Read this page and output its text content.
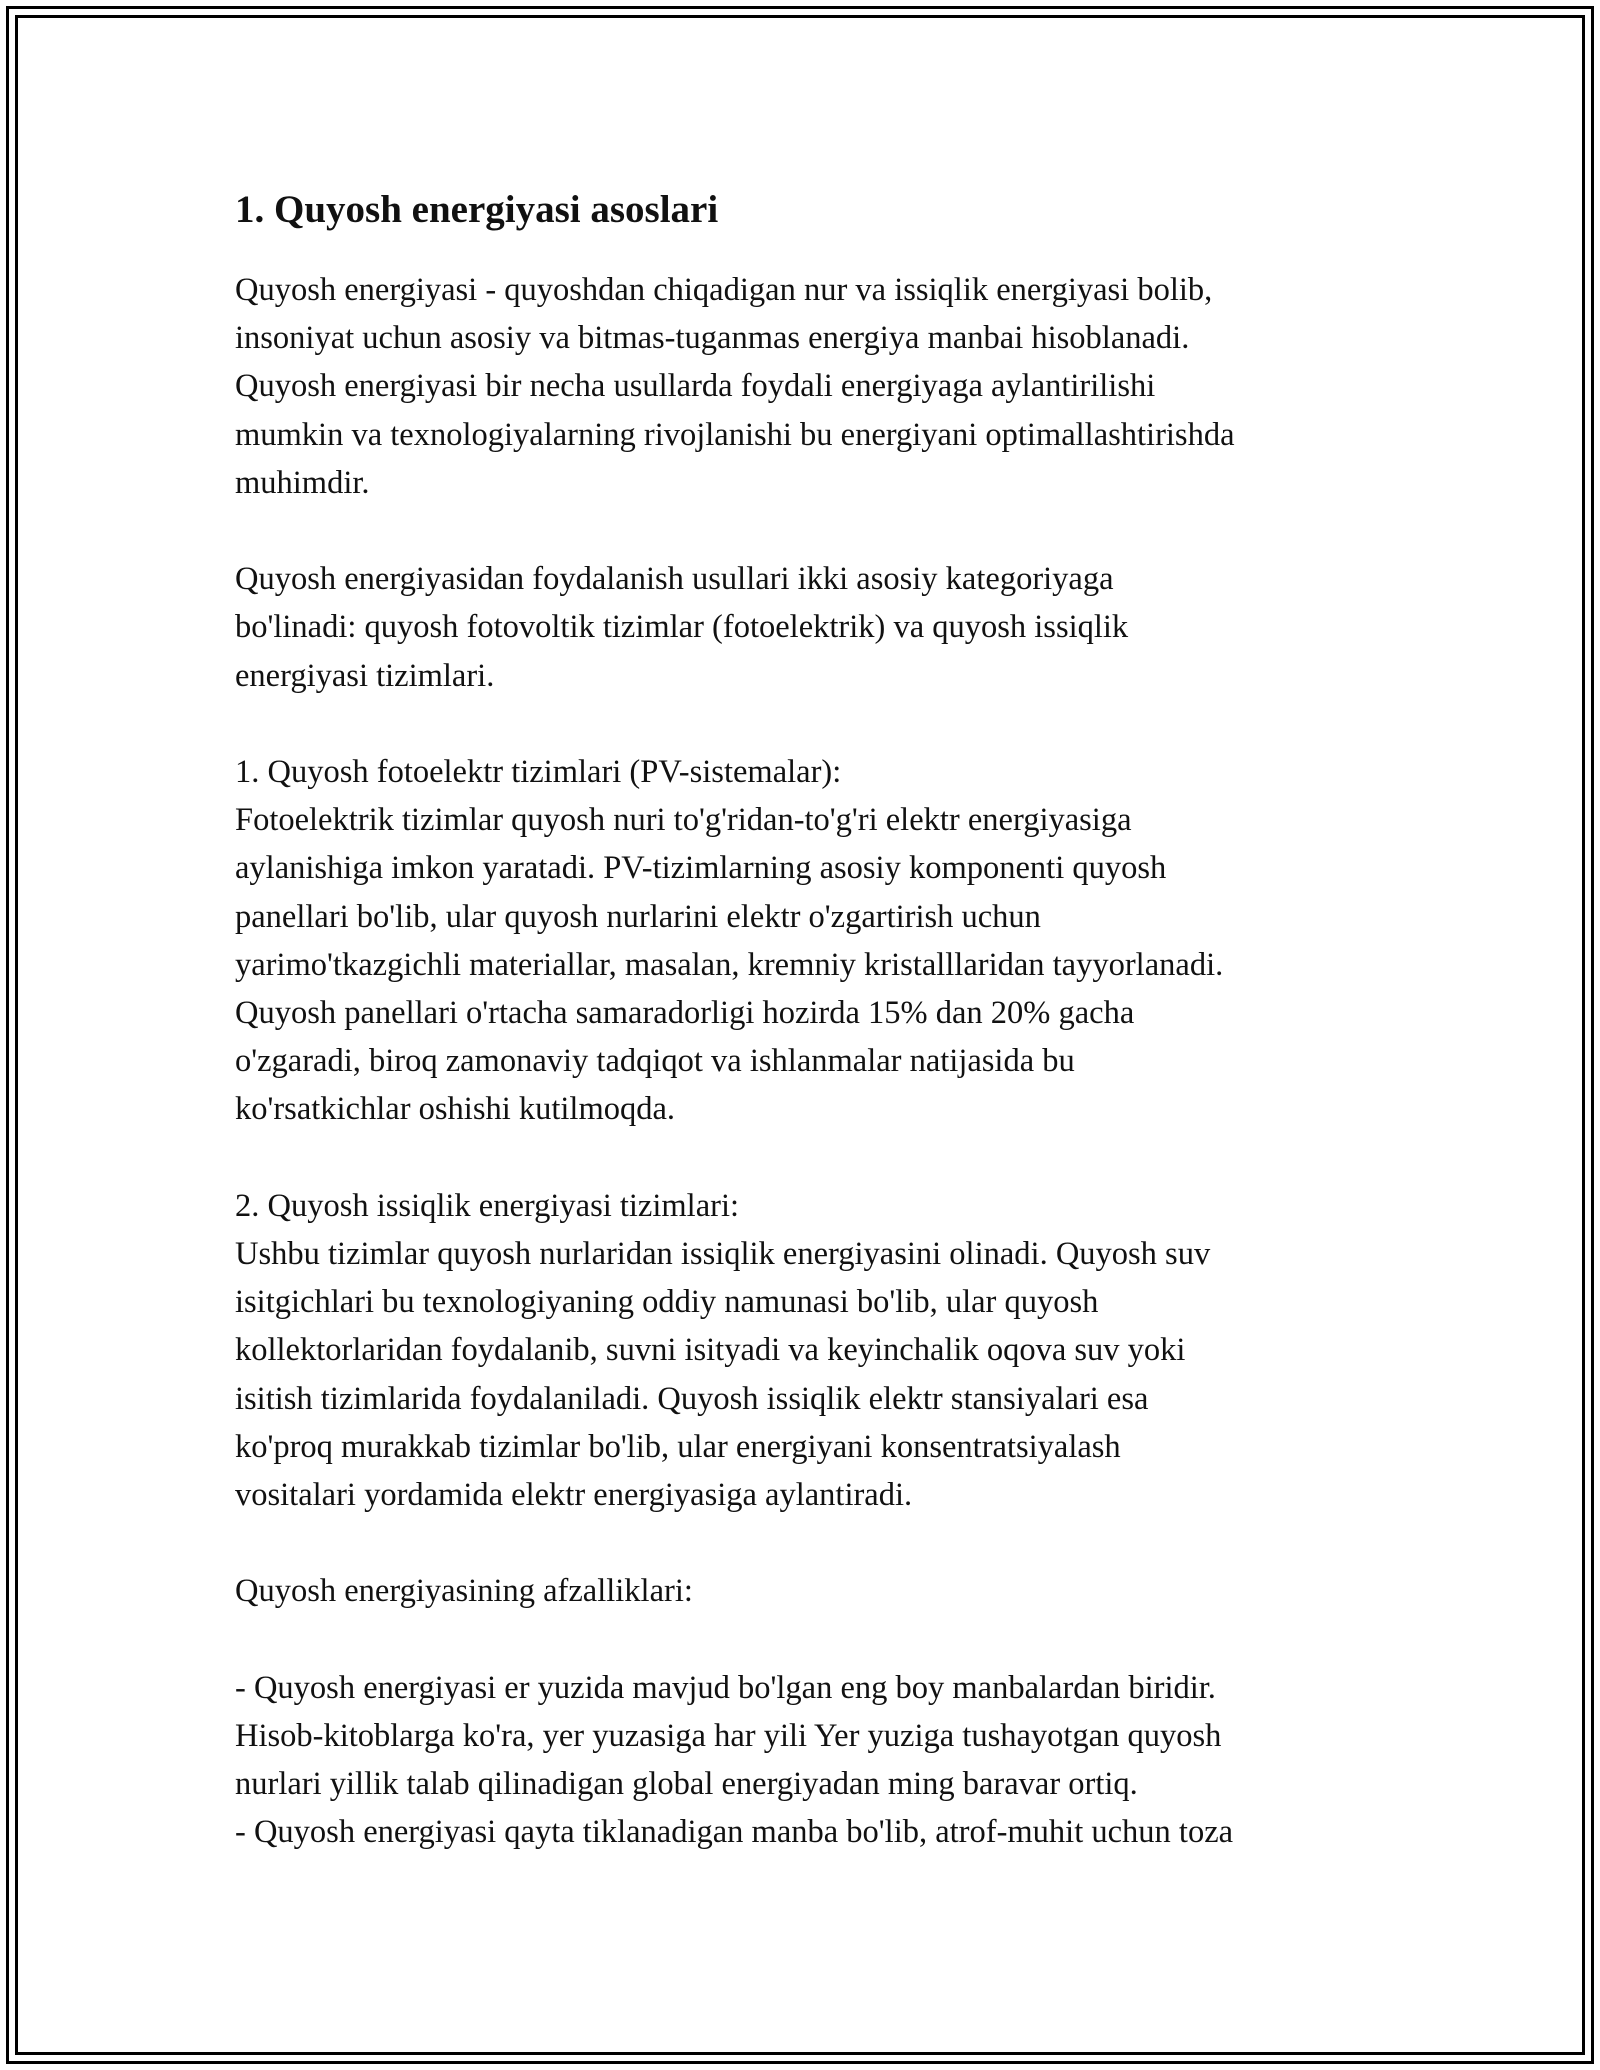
1. Quyosh energiyasi asoslari

Quyosh energiyasi - quyoshdan chiqadigan nur va issiqlik energiyasi bolib,
insoniyat uchun asosiy va bitmas-tuganmas energiya manbai hisoblanadi.
Quyosh energiyasi bir necha usullarda foydali energiyaga aylantirilishi
mumkin va texnologiyalarning rivojlanishi bu energiyani optimallashtirishda
muhimdir.

Quyosh energiyasidan foydalanish usullari ikki asosiy kategoriyaga
bo'linadi: quyosh fotovoltik tizimlar (fotoelektrik) va quyosh issiqlik
energiyasi tizimlari.

1. Quyosh fotoelektr tizimlari (PV-sistemalar):
Fotoelektrik tizimlar quyosh nuri to'g'ridan-to'g'ri elektr energiyasiga
aylanishiga imkon yaratadi. PV-tizimlarning asosiy komponenti quyosh
panellari bo'lib, ular quyosh nurlarini elektr o'zgartirish uchun
yarimo'tkazgichli materiallar, masalan, kremniy kristalllaridan tayyorlanadi.
Quyosh panellari o'rtacha samaradorligi hozirda 15% dan 20% gacha
o'zgaradi, biroq zamonaviy tadqiqot va ishlanmalar natijasida bu
ko'rsatkichlar oshishi kutilmoqda.

2. Quyosh issiqlik energiyasi tizimlari:
Ushbu tizimlar quyosh nurlaridan issiqlik energiyasini olinadi. Quyosh suv
isitgichlari bu texnologiyaning oddiy namunasi bo'lib, ular quyosh
kollektorlaridan foydalanib, suvni isityadi va keyinchalik oqova suv yoki
isitish tizimlarida foydalaniladi. Quyosh issiqlik elektr stansiyalari esa
ko'proq murakkab tizimlar bo'lib, ular energiyani konsentratsiyalash
vositalari yordamida elektr energiyasiga aylantiradi.

Quyosh energiyasining afzalliklari:

- Quyosh energiyasi er yuzida mavjud bo'lgan eng boy manbalardan biridir.
Hisob-kitoblarga ko'ra, yer yuzasiga har yili Yer yuziga tushayotgan quyosh
nurlari yillik talab qilinadigan global energiyadan ming baravar ortiq.
- Quyosh energiyasi qayta tiklanadigan manba bo'lib, atrof-muhit uchun toza
